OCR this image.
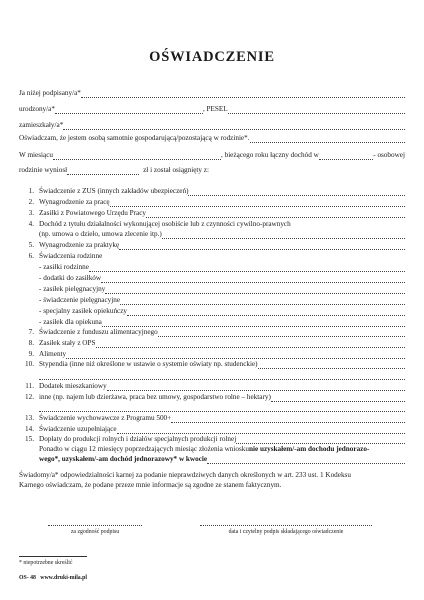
OŚWIADCZENIE
Ja niżej podpisany/a*
urodzony/a*	, PESEL
zamieszkały/a*
Oświadczam, że jestem osobą samotnie gospodarującą/pozostającą w rodzinie*.
W miesiącu	, bieżącego roku łączny dochód w	- osobowej
rodzinie wyniosł	zł i został osiągnięty z:
1. Świadczenie z ZUS (innych zakładów ubezpieczeń)
2. Wynagrodzenie za pracę
3. Zasiłki z Powiatowego Urzędu Pracy
4. Dochód z tytułu działalności wykonującej osobiście lub z czynności cywilno-prawnych
(np. umowa o dzieło, umowa zlecenie itp.)
5. Wynagrodzenie za praktykę
6. Świadczenia rodzinne
- zasiłki rodzinne
- dodatki do zasiłków
- zasiłek pielęgnacyjny
- świadczenie pielęgnacyjne
- specjalny zasiłek opiekuńczy
- zasiłek dla opiekuna
7. Świadczenie z funduszu alimentacyjnego
8. Zasiłek stały z OPS
9. Alimenty
10. Stypendia (inne niż określone w ustawie o systemie oświaty np. studenckie)
11. Dodatek mieszkaniowy
12. inne (np. najem lub dzierżawa, praca bez umowy, gospodarstwo rolne – hektary)
13. Świadczenie wychowawcze z Programu 500+
14. Świadczenie uzupełniające
15. Dopłaty do produkcji rolnych i działów specjalnych produkcji rolnej
Ponadto w ciągu 12 miesięcy poprzedzających miesiąc złożenia wniosku nie uzyskałem/-am dochodu jednorazo-
wego*, uzyskałem/-am dochód jednorazowy* w kwocie
Świadomy/a* odpowiedzialności karnej za podanie nieprawdziwych danych określonych w art. 233 ust. 1 Kodeksu
Karnego oświadczam, że podane przeze mnie informacje są zgodne ze stanem faktycznym.
za zgodność podpisu	data i czytelny podpis składającego oświadczenie
* niepotrzebne skreślić
OS- 48 www.druki-mila.pl
